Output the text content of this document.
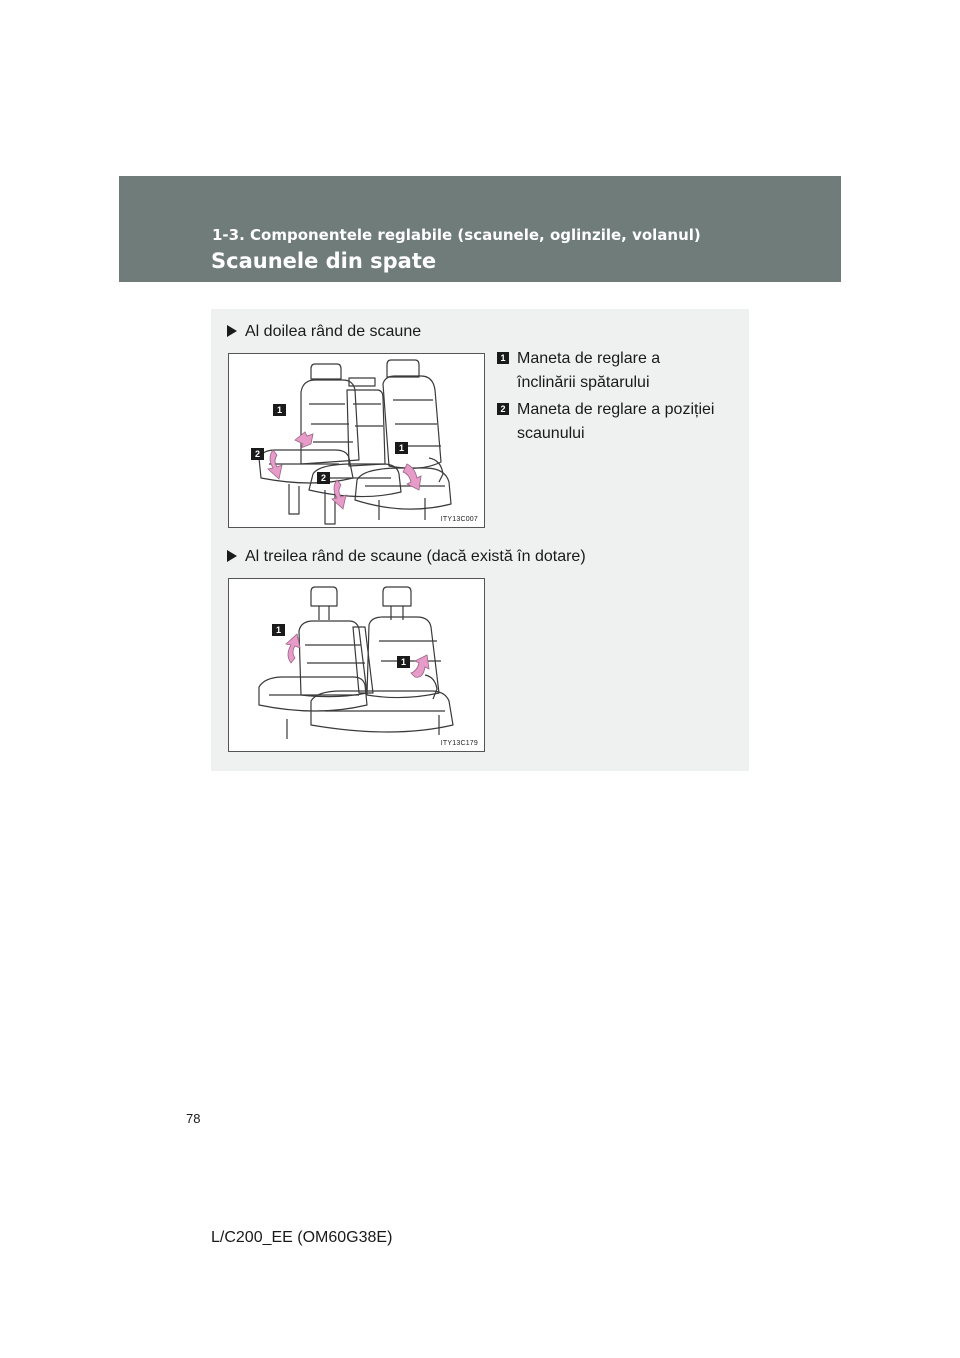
1-3. Componentele reglabile (scaunele, oglinzile, volanul)
Scaunele din spate
Al doilea rând de scaune
1
2
1
2
ITY13C007
1 Maneta de reglare a înclinării spătarului
2 Maneta de reglare a poziției scaunului
Al treilea rând de scaune (dacă există în dotare)
1
1
ITY13C179
78
L/C200_EE (OM60G38E)
